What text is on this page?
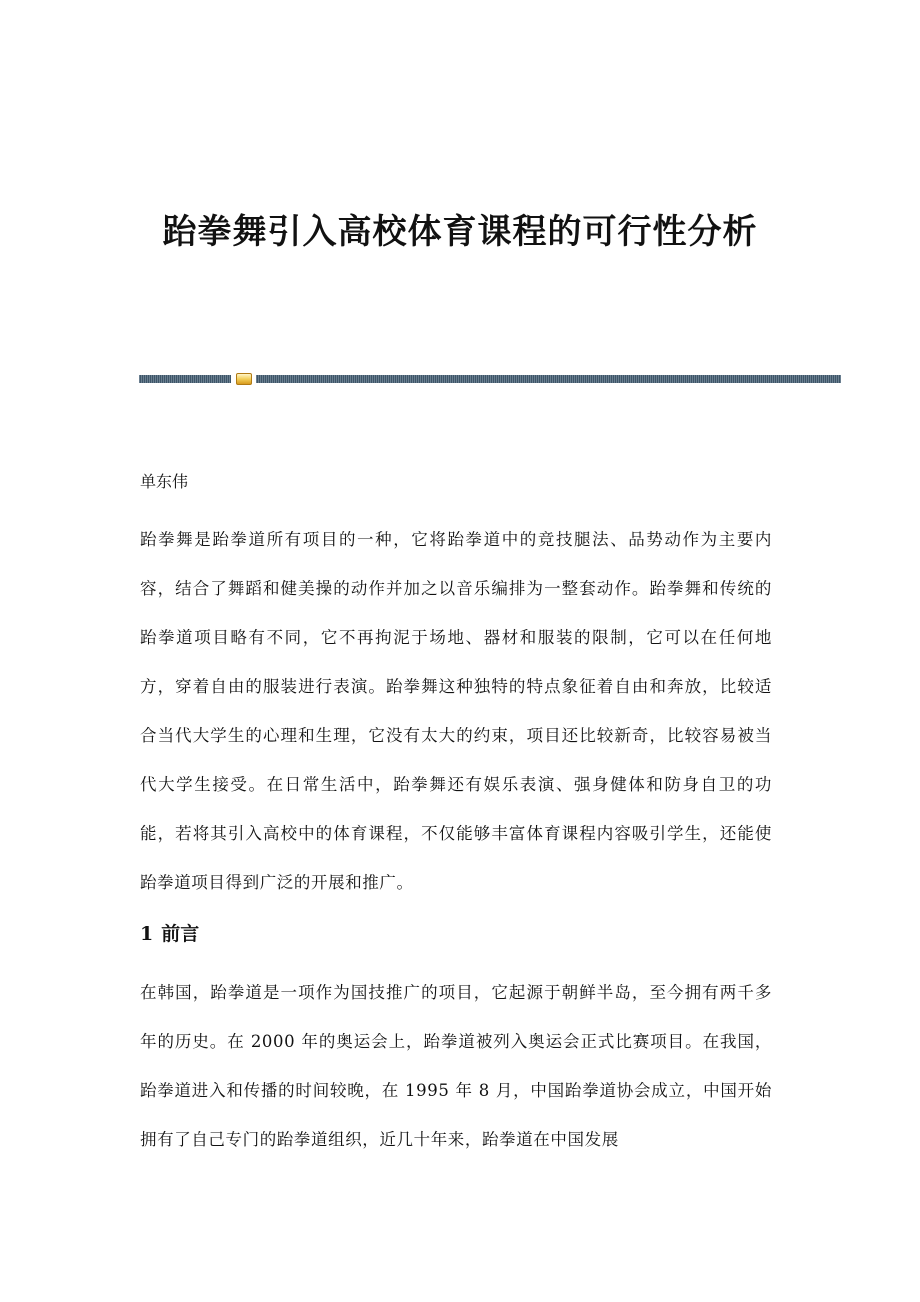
跆拳舞引入高校体育课程的可行性分析

单东伟

跆拳舞是跆拳道所有项目的一种，它将跆拳道中的竞技腿法、品势动作为主要内容，结合了舞蹈和健美操的动作并加之以音乐编排为一整套动作。跆拳舞和传统的跆拳道项目略有不同，它不再拘泥于场地、器材和服装的限制，它可以在任何地方，穿着自由的服装进行表演。跆拳舞这种独特的特点象征着自由和奔放，比较适合当代大学生的心理和生理，它没有太大的约束，项目还比较新奇，比较容易被当代大学生接受。在日常生活中，跆拳舞还有娱乐表演、强身健体和防身自卫的功能，若将其引入高校中的体育课程，不仅能够丰富体育课程内容吸引学生，还能使跆拳道项目得到广泛的开展和推广。

1 前言

在韩国，跆拳道是一项作为国技推广的项目，它起源于朝鲜半岛，至今拥有两千多年的历史。在 2000 年的奥运会上，跆拳道被列入奥运会正式比赛项目。在我国，跆拳道进入和传播的时间较晚，在 1995 年 8 月，中国跆拳道协会成立，中国开始拥有了自己专门的跆拳道组织，近几十年来，跆拳道在中国发展
